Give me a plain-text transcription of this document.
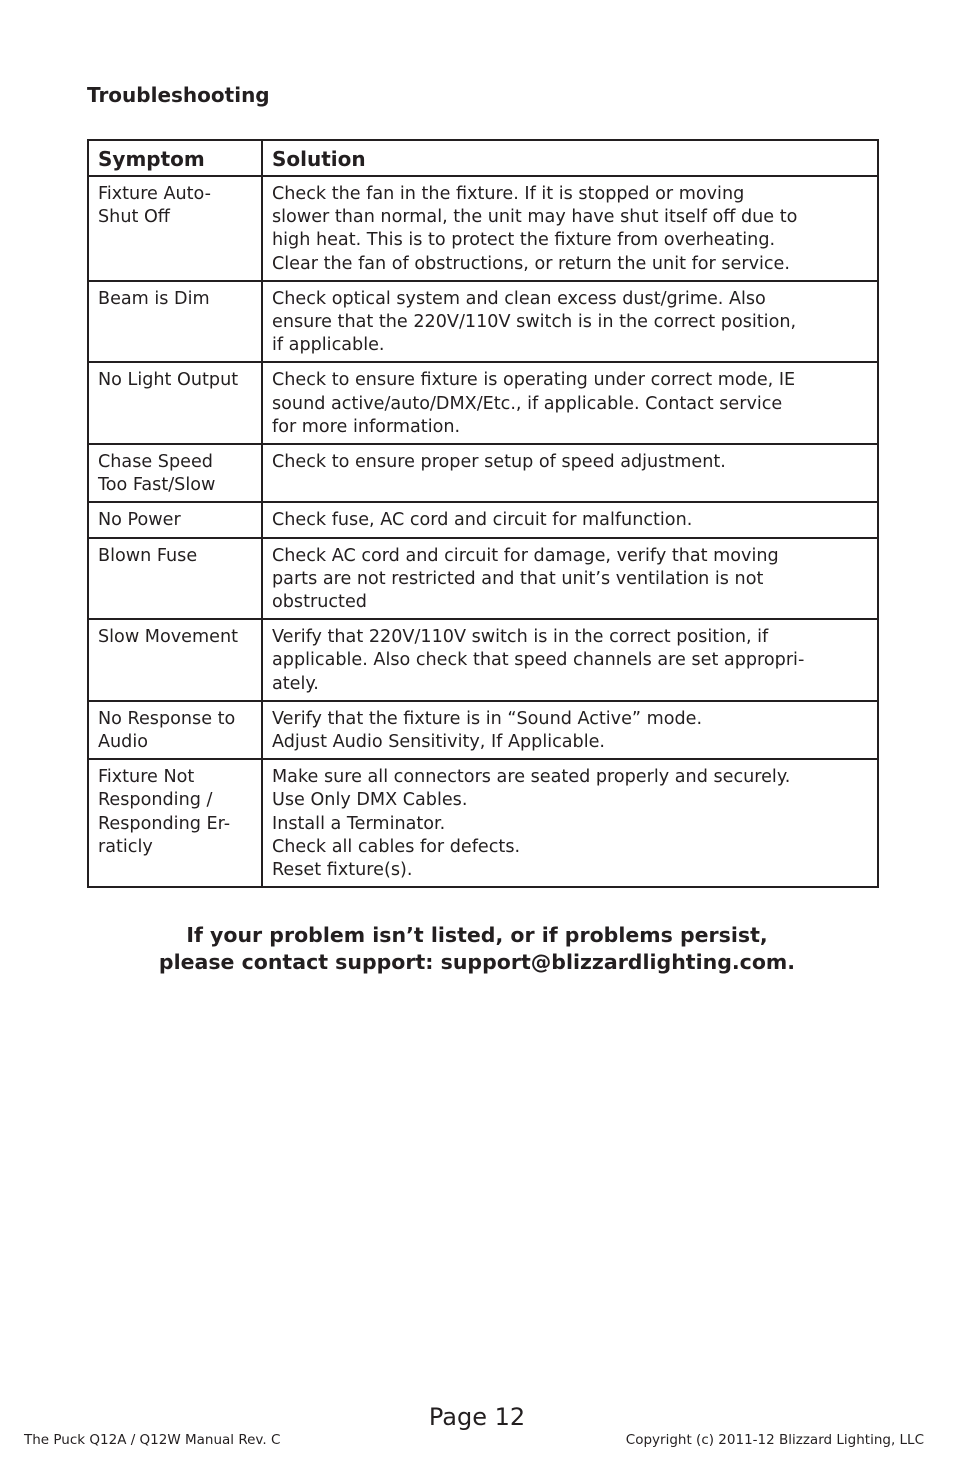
Troubleshooting
Symptom	Solution

Fixture Auto-
Shut Off	Check the fan in the fixture. If it is stopped or moving
slower than normal, the unit may have shut itself off due to
high heat. This is to protect the fixture from overheating.
Clear the fan of obstructions, or return the unit for service.

Beam is Dim	Check optical system and clean excess dust/grime. Also
ensure that the 220V/110V switch is in the correct position,
if applicable.

No Light Output	Check to ensure fixture is operating under correct mode, IE
sound active/auto/DMX/Etc., if applicable. Contact service
for more information.

Chase Speed
Too Fast/Slow	Check to ensure proper setup of speed adjustment.

No Power	Check fuse, AC cord and circuit for malfunction.

Blown Fuse	Check AC cord and circuit for damage, verify that moving
parts are not restricted and that unit’s ventilation is not
obstructed

Slow Movement	Verify that 220V/110V switch is in the correct position, if
applicable. Also check that speed channels are set appropri-
ately.

No Response to
Audio	Verify that the fixture is in “Sound Active” mode.
Adjust Audio Sensitivity, If Applicable.

Fixture Not
Responding /
Responding Er-
raticly	Make sure all connectors are seated properly and securely.
Use Only DMX Cables.
Install a Terminator.
Check all cables for defects.
Reset fixture(s).
If your problem isn’t listed, or if problems persist,
please contact support: support@blizzardlighting.com.
Page 12
The Puck Q12A / Q12W Manual Rev. C	Copyright (c) 2011-12 Blizzard Lighting, LLC
